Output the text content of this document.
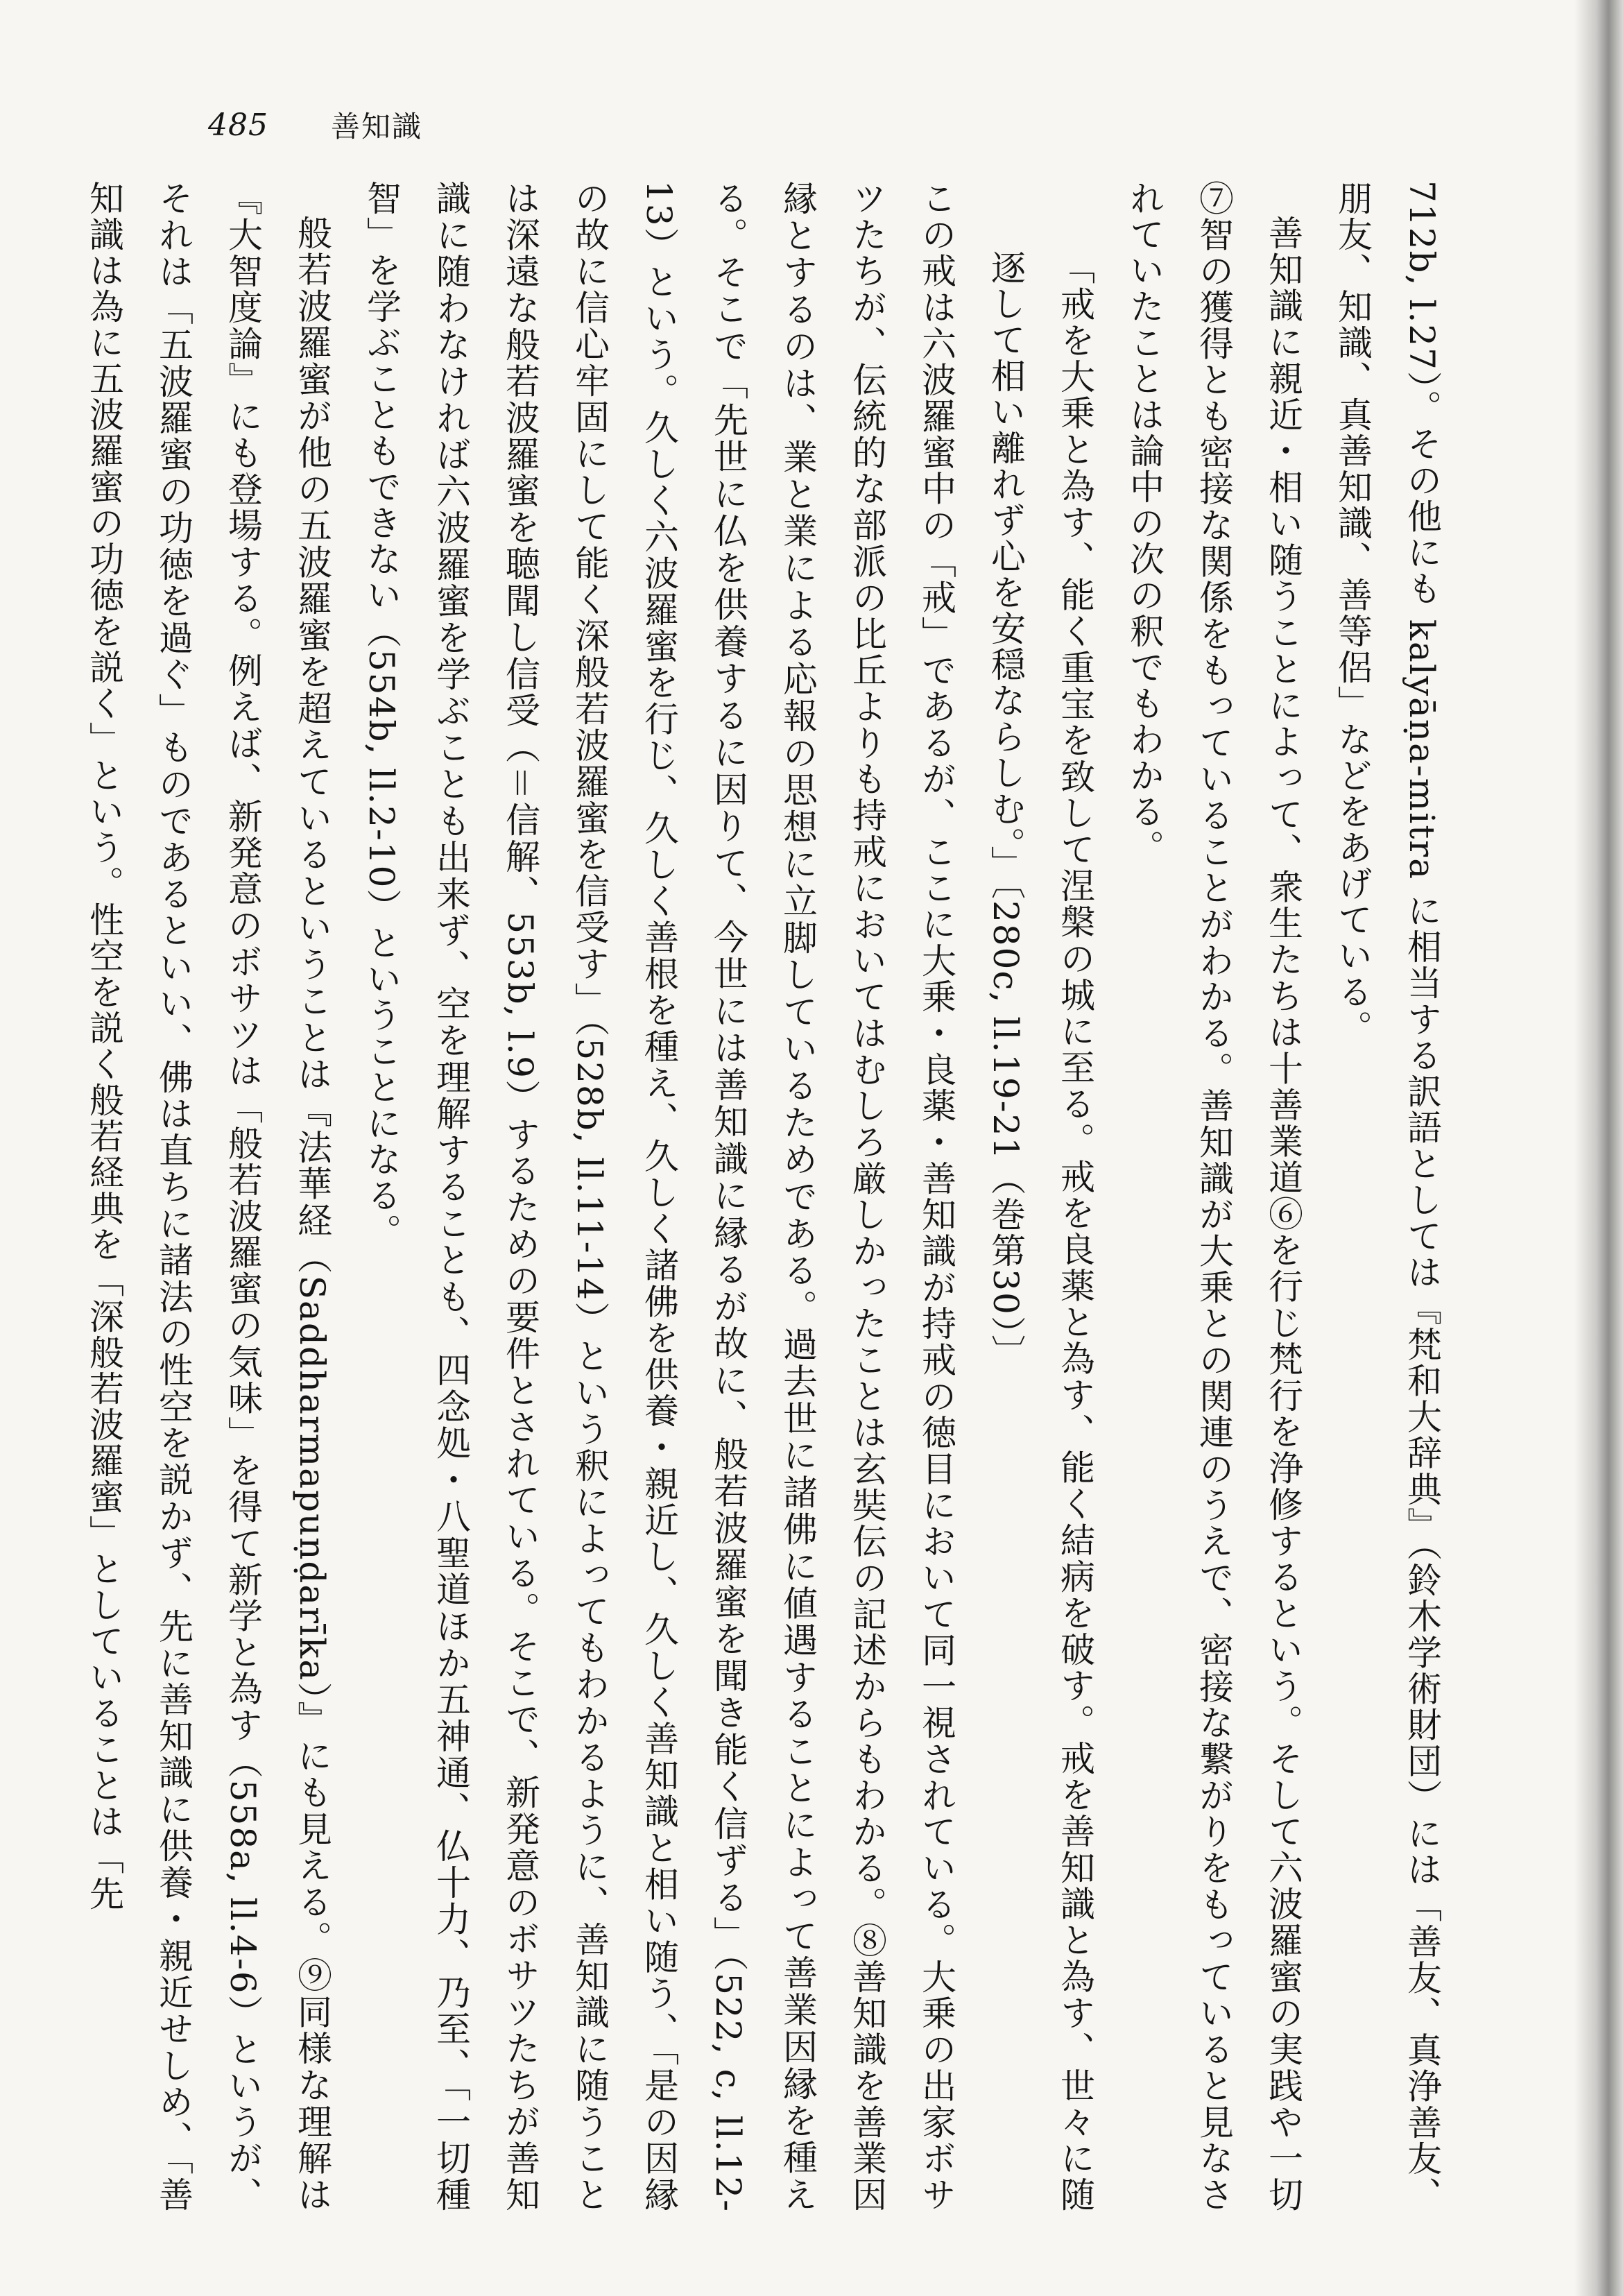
485 善知識

712b, l.27）。その他にも kalyāṇa-mitra に相当する訳語としては『梵和大辞典』（鈴木学術財団）には「善友、真浄善友、朋友、知識、真善知識、善等侶」などをあげている。

善知識に親近・相い随うことによって、衆生たちは十善業道⑥を行じ梵行を浄修するという。そして六波羅蜜の実践や一切⑦智の獲得とも密接な関係をもっていることがわかる。善知識が大乗との関連のうえで、密接な繋がりをもっていると見なされていたことは論中の次の釈でもわかる。

「戒を大乗と為す、能く重宝を致して涅槃の城に至る。戒を良薬と為す、能く結病を破す。戒を善知識と為す、世々に随逐して相い離れず心を安穏ならしむ。」〔280c, ll.19-21（巻第30）〕

この戒は六波羅蜜中の「戒」であるが、ここに大乗・良薬・善知識が持戒の徳目において同一視されている。大乗の出家ボサツたちが、伝統的な部派の比丘よりも持戒においてはむしろ厳しかったことは玄奘伝の記述からもわかる。⑧善知識を善業因縁とするのは、業と業による応報の思想に立脚しているためである。過去世に諸佛に値遇することによって善業因縁を種える。そこで「先世に仏を供養するに因りて、今世には善知識に縁るが故に、般若波羅蜜を聞き能く信ずる」（522, c, ll.12-13）という。久しく六波羅蜜を行じ、久しく善根を種え、久しく諸佛を供養・親近し、久しく善知識と相い随う、「是の因縁の故に信心牢固にして能く深般若波羅蜜を信受す」（528b, ll.11-14）という釈によってもわかるように、善知識に随うことは深遠な般若波羅蜜を聴聞し信受（＝信解、553b, l.9）するための要件とされている。そこで、新発意のボサツたちが善知識に随わなければ六波羅蜜を学ぶことも出来ず、空を理解することも、四念処・八聖道ほか五神通、仏十力、乃至、「一切種智」を学ぶこともできない（554b, ll.2-10）ということになる。

般若波羅蜜が他の五波羅蜜を超えているということは『法華経（Saddharmapuṇḍarīka）』にも見える。⑨同様な理解は『大智度論』にも登場する。例えば、新発意のボサツは「般若波羅蜜の気味」を得て新学と為す（558a, ll.4-6）というが、それは「五波羅蜜の功徳を過ぐ」ものであるといい、佛は直ちに諸法の性空を説かず、先に善知識に供養・親近せしめ、「善知識は為に五波羅蜜の功徳を説く」という。性空を説く般若経典を「深般若波羅蜜」としていることは「先
